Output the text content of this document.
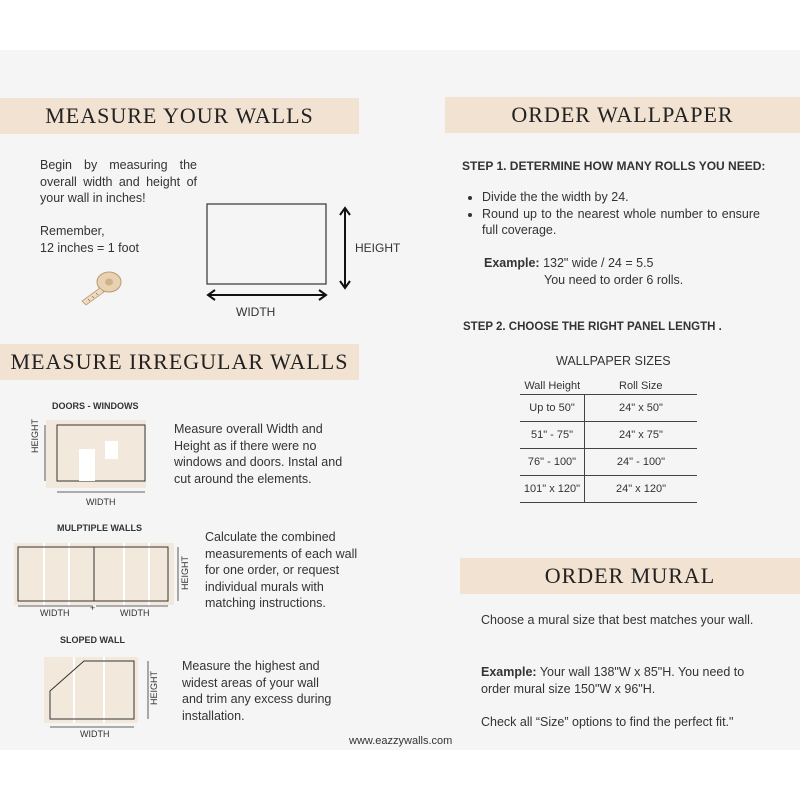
MEASURE YOUR WALLS
Begin by measuring the overall width and height of your wall in inches!
Remember,
12 inches = 1 foot	HEIGHT
WIDTH
MEASURE IRREGULAR WALLS
DOORS - WINDOWS
HEIGHT
WIDTH
Measure overall Width and Height as if there were no windows and doors. Instal and cut around the elements.
MULPTIPLE WALLS
HEIGHT
WIDTH +	WIDTH
Calculate the combined measurements of each wall for one order, or request individual murals with matching instructions.
SLOPED WALL
HEIGHT
WIDTH
Measure the highest and widest areas of your wall and trim any excess during installation.
www.eazzywalls.com
ORDER WALLPAPER
STEP 1. DETERMINE HOW MANY ROLLS YOU NEED:
• Divide the the width by 24.
• Round up to the nearest whole number to ensure full coverage.
Example: 132" wide / 24 = 5.5
You need to order 6 rolls.
STEP 2. CHOOSE THE RIGHT PANEL LENGTH .
WALLPAPER SIZES
Wall Height	Roll Size
Up to 50"	24" x 50"
51" - 75"	24" x 75"
76" - 100"	24" - 100"
101" x 120"	24" x 120"
ORDER MURAL
Choose a mural size that best matches your wall.
Example: Your wall 138"W x 85"H. You need to order mural size 150"W x 96"H.
Check all “Size” options to find the perfect fit."
